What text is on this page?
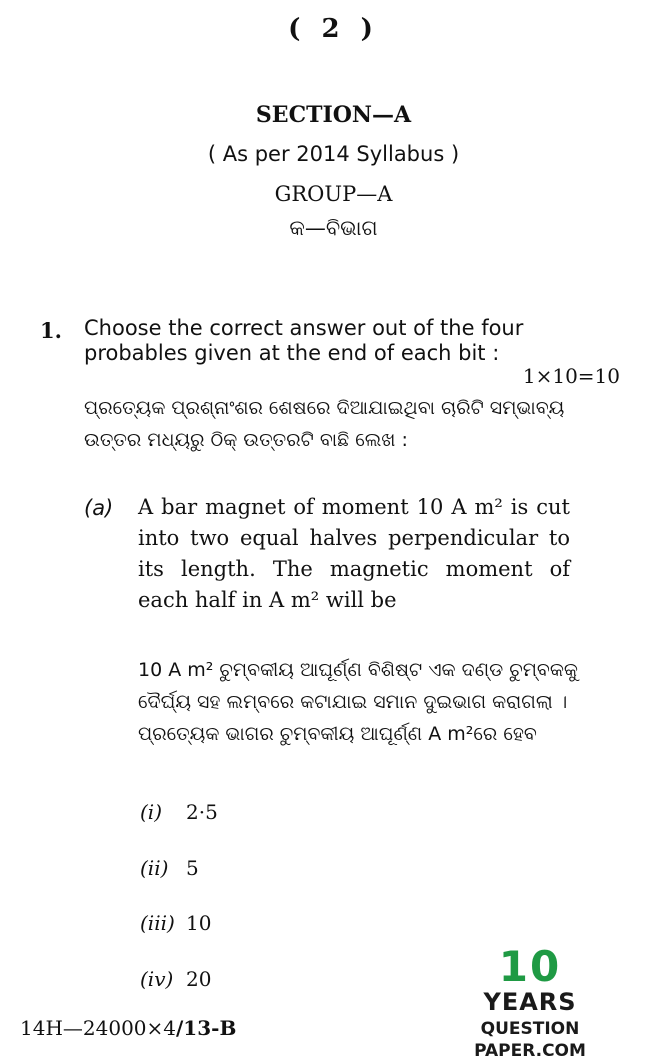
( 2 )
SECTION—A
( As per 2014 Syllabus )
GROUP—A
କ—ବିଭାଗ
1. Choose the correct answer out of the four probables given at the end of each bit :
1×10=10
ପ୍ରତ୍ୟେକ ପ୍ରଶ୍ନାଂଶର ଶେଷରେ ଦିଆଯାଇଥିବା ଚାରିଟି ସମ୍ଭାବ୍ୟ ଉତ୍ତର ମଧ୍ୟରୁ ଠିକ୍ ଉତ୍ତରଟି ବାଛି ଲେଖ :
(a) A bar magnet of moment 10 A m² is cut into two equal halves perpendicular to its length. The magnetic moment of each half in A m² will be
10 A m² ଚୁମ୍ବକୀୟ ଆଘୂର୍ଣ୍ଣ ବିଶିଷ୍ଟ ଏକ ଦଣ୍ଡ ଚୁମ୍ବକକୁ ଦୈର୍ଘ୍ୟ ସହ ଲମ୍ବରେ କଟାଯାଇ ସମାନ ଦୁଇଭାଗ କରାଗଲା । ପ୍ରତ୍ୟେକ ଭାଗର ଚୁମ୍ବକୀୟ ଆଘୂର୍ଣ୍ଣ A m²ରେ ହେବ
(i) 2·5
(ii) 5
(iii) 10
(iv) 20
14H—24000×4/13-B
10
YEARS
QUESTION PAPER.COM
